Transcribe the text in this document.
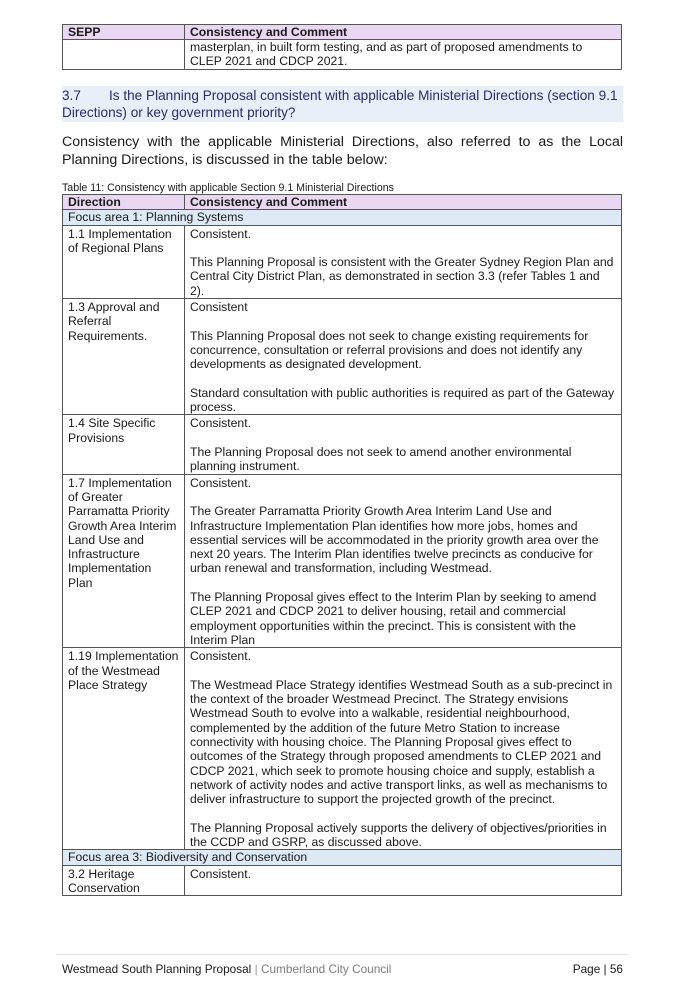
SEPP	Consistency and Comment
	masterplan, in built form testing, and as part of proposed amendments to CLEP 2021 and CDCP 2021.
3.7 Is the Planning Proposal consistent with applicable Ministerial Directions (section 9.1 Directions) or key government priority?
Consistency with the applicable Ministerial Directions, also referred to as the Local Planning Directions, is discussed in the table below:
Table 11: Consistency with applicable Section 9.1 Ministerial Directions
Direction	Consistency and Comment
Focus area 1: Planning Systems	
1.1 Implementation of Regional Plans	Consistent.

This Planning Proposal is consistent with the Greater Sydney Region Plan and Central City District Plan, as demonstrated in section 3.3 (refer Tables 1 and 2).

1.3 Approval and Referral Requirements.	Consistent

This Planning Proposal does not seek to change existing requirements for concurrence, consultation or referral provisions and does not identify any developments as designated development.

Standard consultation with public authorities is required as part of the Gateway process.

1.4 Site Specific Provisions	Consistent.

The Planning Proposal does not seek to amend another environmental planning instrument.

1.7 Implementation of Greater Parramatta Priority Growth Area Interim Land Use and Infrastructure Implementation Plan	Consistent.

The Greater Parramatta Priority Growth Area Interim Land Use and Infrastructure Implementation Plan identifies how more jobs, homes and essential services will be accommodated in the priority growth area over the next 20 years. The Interim Plan identifies twelve precincts as conducive for urban renewal and transformation, including Westmead.

The Planning Proposal gives effect to the Interim Plan by seeking to amend CLEP 2021 and CDCP 2021 to deliver housing, retail and commercial employment opportunities within the precinct. This is consistent with the Interim Plan

1.19 Implementation of the Westmead Place Strategy	Consistent.

The Westmead Place Strategy identifies Westmead South as a sub-precinct in the context of the broader Westmead Precinct. The Strategy envisions Westmead South to evolve into a walkable, residential neighbourhood, complemented by the addition of the future Metro Station to increase connectivity with housing choice. The Planning Proposal gives effect to outcomes of the Strategy through proposed amendments to CLEP 2021 and CDCP 2021, which seek to promote housing choice and supply, establish a network of activity nodes and active transport links, as well as mechanisms to deliver infrastructure to support the projected growth of the precinct.

The Planning Proposal actively supports the delivery of objectives/priorities in the CCDP and GSRP, as discussed above.

Focus area 3: Biodiversity and Conservation	
3.2 Heritage Conservation	Consistent.

Westmead South Planning Proposal | Cumberland City Council	Page | 56
